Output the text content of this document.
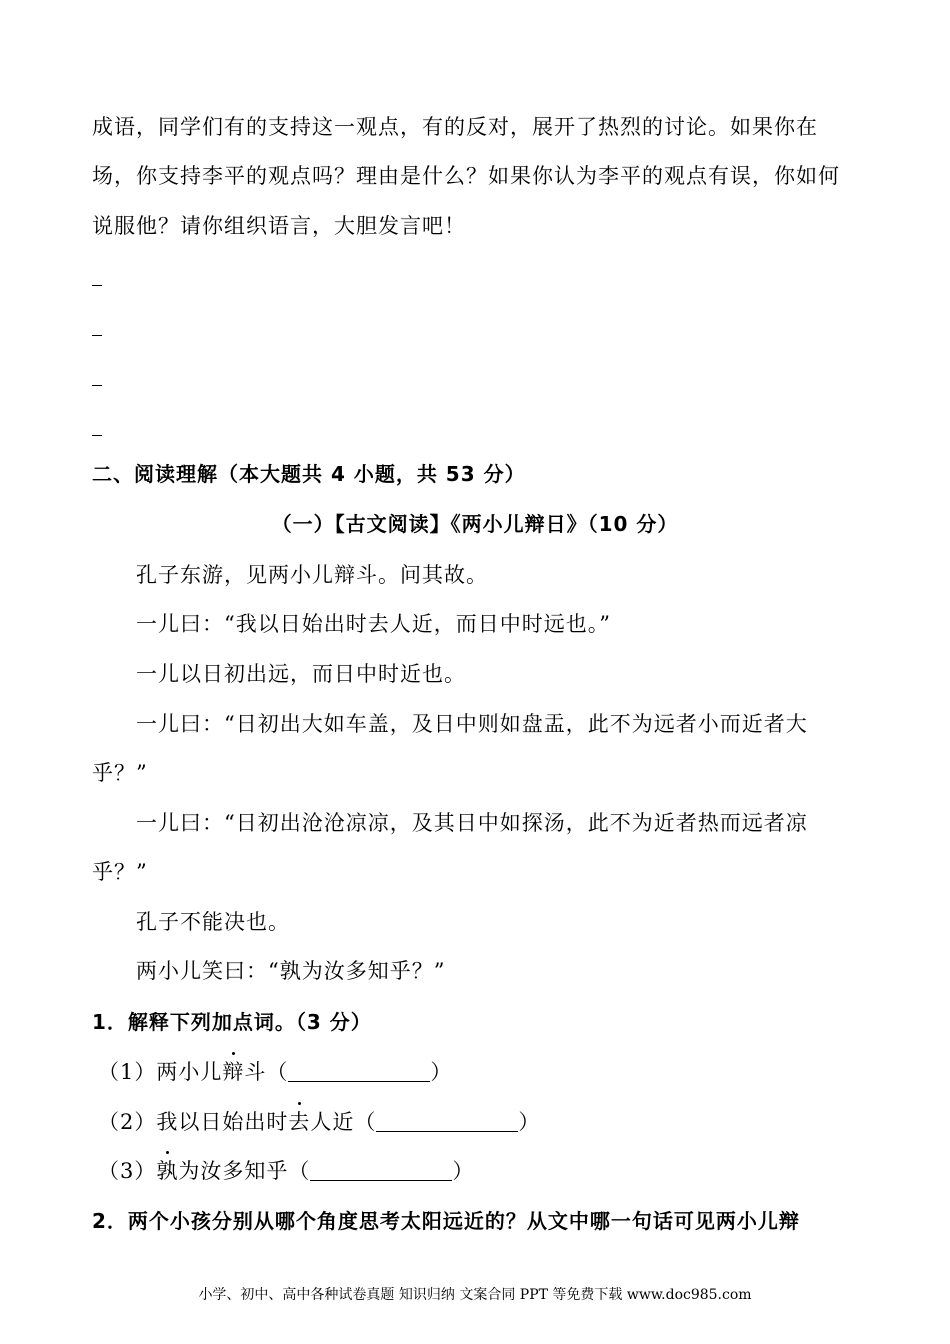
成语，同学们有的支持这一观点，有的反对，展开了热烈的讨论。如果你在
场，你支持李平的观点吗？理由是什么？如果你认为李平的观点有误，你如何
说服他？请你组织语言，大胆发言吧！
二、阅读理解（本大题共 4 小题，共 53 分）
（一）【古文阅读】《两小儿辩日》（10 分）
孔子东游，见两小儿辩斗。问其故。
一儿曰：“我以日始出时去人近，而日中时远也。”
一儿以日初出远，而日中时近也。
一儿曰：“日初出大如车盖，及日中则如盘盂，此不为远者小而近者大
乎？”
一儿曰：“日初出沧沧凉凉，及其日中如探汤，此不为近者热而远者凉
乎？”
孔子不能决也。
两小儿笑曰：“孰为汝多知乎？”
1．解释下列加点词。（3 分）
（1）两小儿辩斗（	）
（2）我以日始出时去人近（	）
（3）孰为汝多知乎（	）
2．两个小孩分别从哪个角度思考太阳远近的？从文中哪一句话可见两小儿辩
小学、初中、高中各种试卷真题 知识归纳 文案合同 PPT 等免费下载 www.doc985.com
